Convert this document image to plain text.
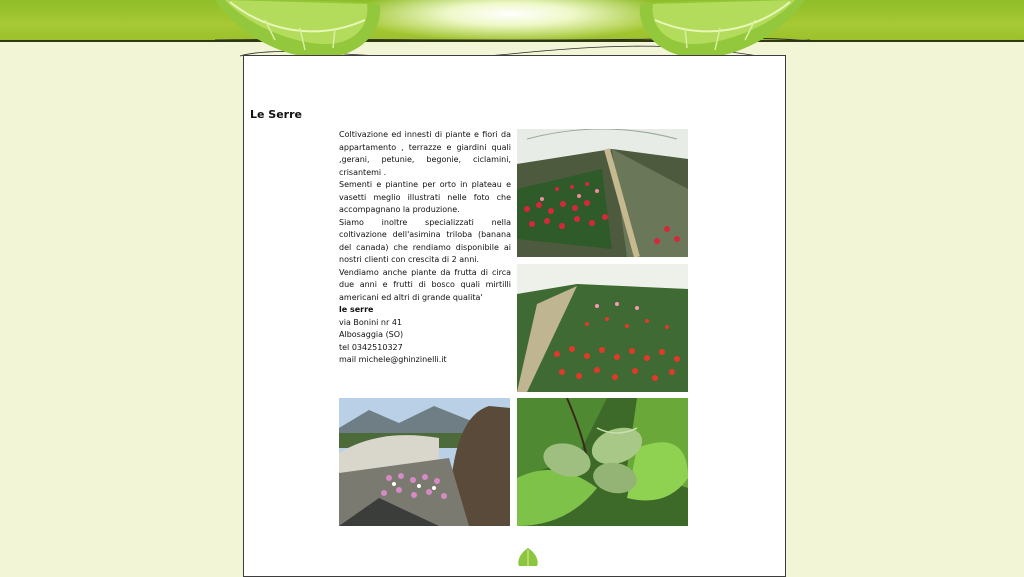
Le Serre

Coltivazione ed innesti di piante e fiori da appartamento , terrazze e giardini quali ,gerani, petunie, begonie, ciclamini, crisantemi .

Sementi e piantine per orto in plateau e vasetti meglio illustrati nelle foto che accompagnano la produzione.

Siamo inoltre specializzati nella coltivazione dell'asimina triloba (banana del canada) che rendiamo disponibile ai nostri clienti con crescita di 2 anni.

Vendiamo anche piante da frutta di circa due anni e frutti di bosco quali mirtilli americani ed altri di grande qualita'

le serre
via Bonini nr 41
Albosaggia (SO)
tel 0342510327
mail michele@ghinzinelli.it
